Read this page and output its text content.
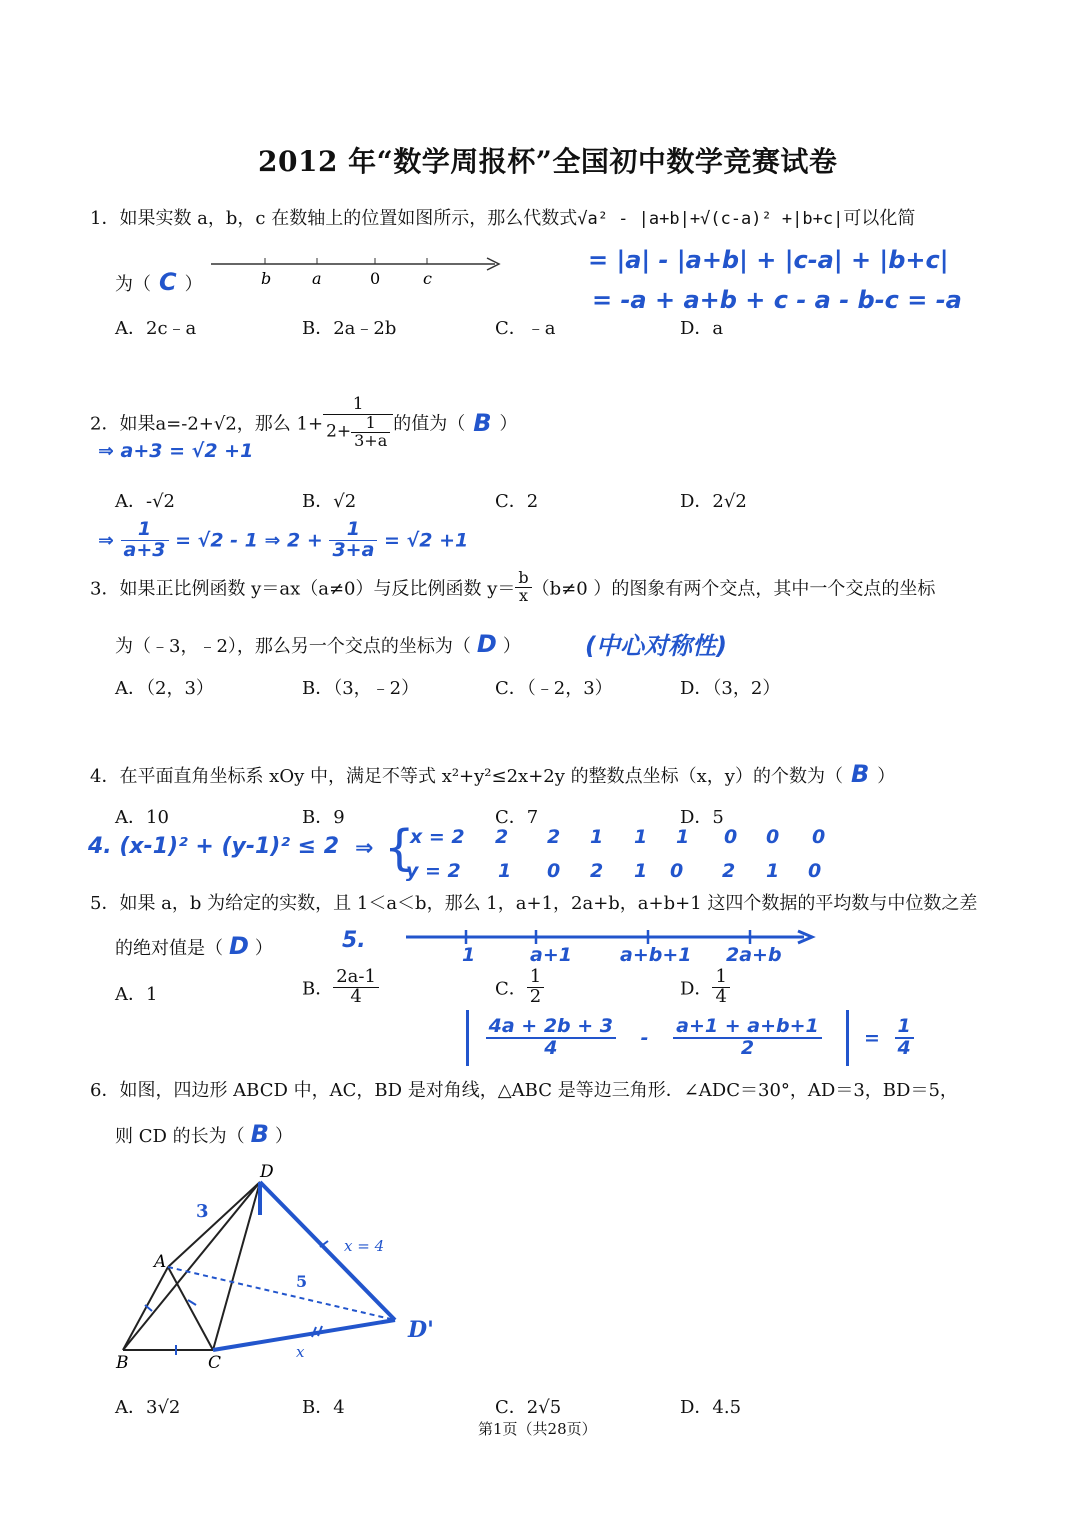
2012 年“数学周报杯”全国初中数学竞赛试卷
1．如果实数 a，b，c 在数轴上的位置如图所示，那么代数式√a² - |a+b|+√(c-a)² +|b+c|可以化简
为（ C ）	b	a	0	c
= |a| - |a+b| + |c-a| + |b+c|
= -a + a+b + c - a - b-c = -a
A．2c﹣a	B．2a﹣2b	C．﹣a	D．a
2．如果a=-2+√2，那么 $1+ \frac{1}{2+ \frac{1}{3+a}}$ 的值为（ B ）
⇒ a+3 = √2 +1
A．-√2	B．√2	C．2	D．2√2
⇒ $\frac{1}{a+3} = √2 - 1$ ⇒ $2 + \frac{1}{3+a} = √2 +1$
3．如果正比例函数 y＝ax（a≠0）与反比例函数 $y= \frac{b}{x} (b\ne 0$ ）的图象有两个交点，其中一个交点的坐标
为（﹣3，﹣2），那么另一个交点的坐标为（ D ）	(中心对称性)
A．（2，3）	B．（3，﹣2）	C．（﹣2，3）	D．（3，2）
4．在平面直角坐标系 xOy 中，满足不等式 x²+y²≤2x+2y 的整数点坐标（x，y）的个数为（ B ）
A．10	B．9	C．7	D．5
4. (x-1)² + (y-1)² ≤ 2 ⇒ {
x = 2 2 2 1 1 1 0 0 0
y = 2 1 0 2 1 0 2 1 0
5．如果 a，b 为给定的实数，且 1＜a＜b，那么 1，a+1，2a+b，a+b+1 这四个数据的平均数与中位数之差
的绝对值是（ D ）	5.
1	a+1	a+b+1 2a+b
A．1	B． $\frac{2a-1}{4}$	C． $\frac{1}{2}$	D． $\frac{1}{4}$

$\frac{4a + 2b + 3}{4} - \frac{a+1 + a+b+1}{2} = \frac{1}{4}$
6．如图，四边形 ABCD 中，AC，BD 是对角线，△ABC 是等边三角形．∠ADC＝30°，AD＝3，BD＝5，
则 CD 的长为（ B ）
D
A
B	C
D'
3
5
x = 4
x
A．3√2	B．4	C．2√5	D．4.5
第1页（共28页）
